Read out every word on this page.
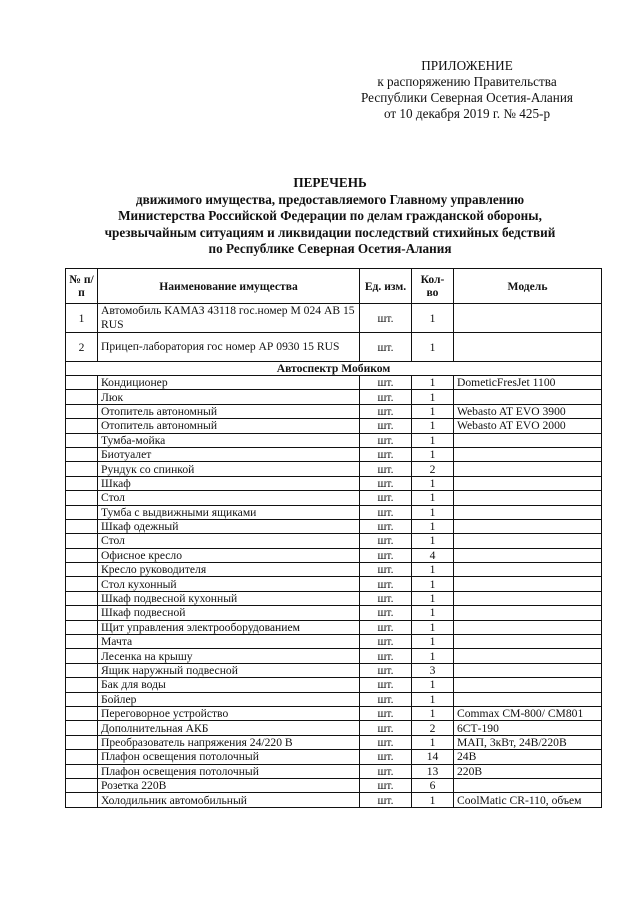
ПРИЛОЖЕНИЕ
к распоряжению Правительства
Республики Северная Осетия-Алания
от 10 декабря 2019 г. № 425-р
ПЕРЕЧЕНЬ
движимого имущества, предоставляемого Главному управлению
Министерства Российской Федерации по делам гражданской обороны,
чрезвычайным ситуациям и ликвидации последствий стихийных бедствий
по Республике Северная Осетия-Алания
№ п/п	Наименование имущества	Ед. изм.	Кол-во	Модель
1	Автомобиль КАМАЗ 43118 гос.номер М 024 АВ 15 RUS	шт.	1	
2	Прицеп-лаборатория гос номер АР 0930 15 RUS	шт.	1	
Автоспектр Мобиком				
	Кондиционер	шт.	1	DometicFresJet 1100
	Люк	шт.	1	
	Отопитель автономный	шт.	1	Webasto AT EVO 3900
	Отопитель автономный	шт.	1	Webasto AT EVO 2000
	Тумба-мойка	шт.	1	
	Биотуалет	шт.	1	
	Рундук со спинкой	шт.	2	
	Шкаф	шт.	1	
	Стол	шт.	1	
	Тумба с выдвижными ящиками	шт.	1	
	Шкаф одежный	шт.	1	
	Стол	шт.	1	
	Офисное кресло	шт.	4	
	Кресло руководителя	шт.	1	
	Стол кухонный	шт.	1	
	Шкаф подвесной кухонный	шт.	1	
	Шкаф подвесной	шт.	1	
	Щит управления электрооборудованием	шт.	1	
	Мачта	шт.	1	
	Лесенка на крышу	шт.	1	
	Ящик наружный подвесной	шт.	3	
	Бак для воды	шт.	1	
	Бойлер	шт.	1	
	Переговорное устройство	шт.	1	Commax CM-800/ CM801
	Дополнительная АКБ	шт.	2	6СТ-190
	Преобразователь напряжения 24/220 В	шт.	1	МАП, 3кВт, 24В/220В
	Плафон освещения потолочный	шт.	14	24В
	Плафон освещения потолочный	шт.	13	220В
	Розетка 220В	шт.	6	
	Холодильник автомобильный	шт.	1	CoolMatic CR-110, объем
